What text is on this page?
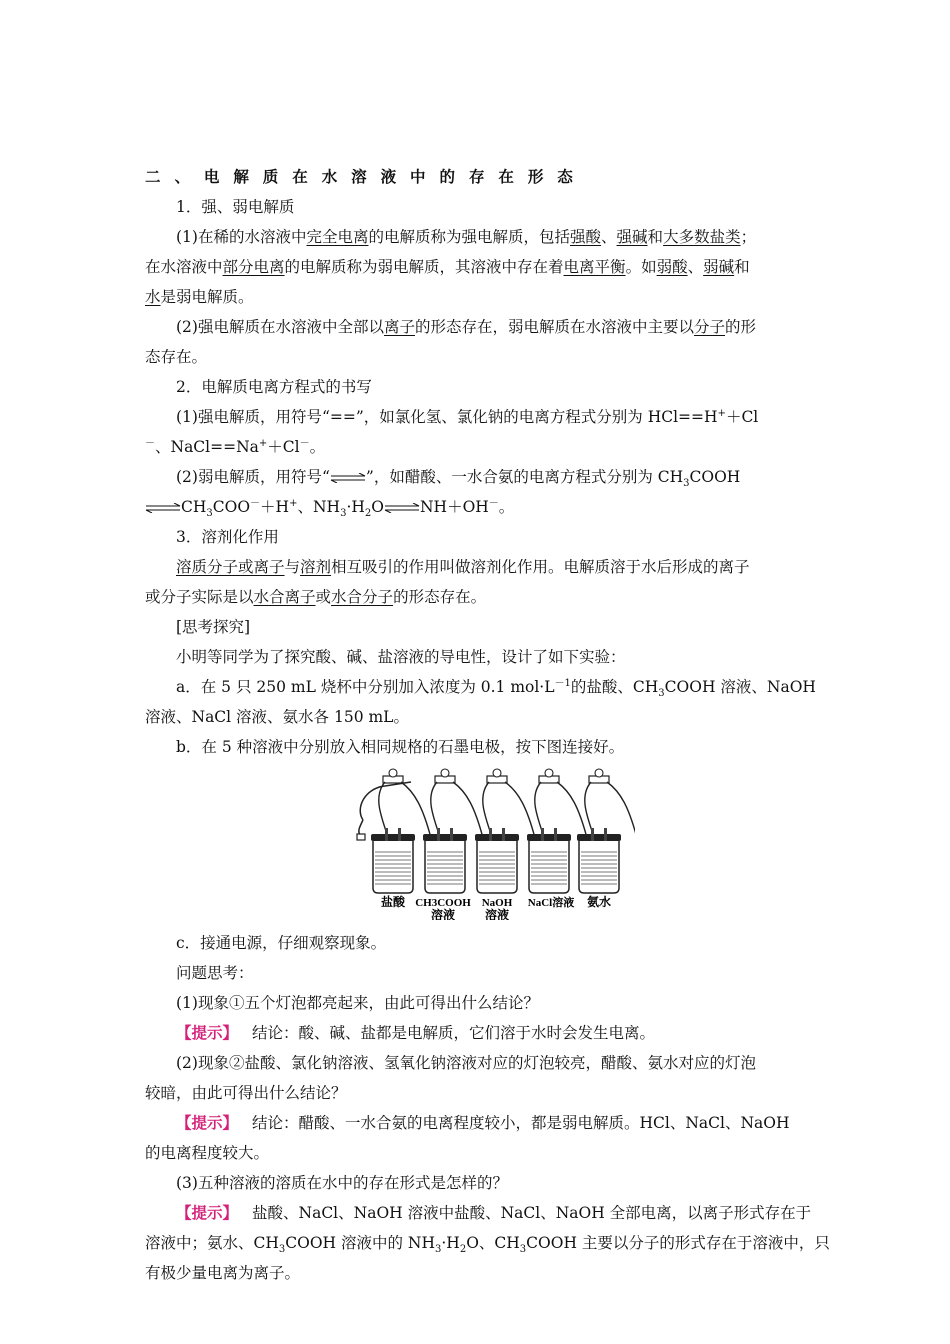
二、电解质在水溶液中的存在形态
1．强、弱电解质
(1)在稀的水溶液中完全电离的电解质称为强电解质，包括强酸、强碱和大多数盐类；
在水溶液中部分电离的电解质称为弱电解质，其溶液中存在着电离平衡。如弱酸、弱碱和
水是弱电解质。
(2)强电解质在水溶液中全部以离子的形态存在，弱电解质在水溶液中主要以分子的形
态存在。
2．电解质电离方程式的书写
(1)强电解质，用符号“==”，如氯化氢、氯化钠的电离方程式分别为 HCl==H+＋Cl
－、NaCl==Na+＋Cl－。
(2)弱电解质，用符号“⇌”，如醋酸、一水合氨的电离方程式分别为 $CH_3COOH$
$\rightleftharpoons CH_3COO^-+H^+$、$NH_3\cdot H_2O\rightleftharpoons NH+OH^-$。
3．溶剂化作用
溶质分子或离子与溶剂相互吸引的作用叫做溶剂化作用。电解质溶于水后形成的离子
或分子实际是以水合离子或水合分子的形态存在。
[思考探究]
小明等同学为了探究酸、碱、盐溶液的导电性，设计了如下实验：
a．在 5 只 250 mL 烧杯中分别加入浓度为 0.1 $mol\cdot L^{-1}$的盐酸、$CH_3COOH$ 溶液、NaOH
溶液、NaCl 溶液、氨水各 150 mL。
b．在 5 种溶液中分别放入相同规格的石墨电极，按下图连接好。
盐酸 CH3COOH
溶液
NaOH
溶液
NaCl溶液 氨水
c．接通电源，仔细观察现象。
问题思考：
(1)现象①五个灯泡都亮起来，由此可得出什么结论？
【提示】 结论：酸、碱、盐都是电解质，它们溶于水时会发生电离。
(2)现象②盐酸、氯化钠溶液、氢氧化钠溶液对应的灯泡较亮，醋酸、氨水对应的灯泡
较暗，由此可得出什么结论？
【提示】 结论：醋酸、一水合氨的电离程度较小，都是弱电解质。HCl、NaCl、NaOH
的电离程度较大。
(3)五种溶液的溶质在水中的存在形式是怎样的？
【提示】 盐酸、NaCl、NaOH 溶液中盐酸、NaCl、NaOH 全部电离，以离子形式存在于
溶液中；氨水、$CH_3COOH$ 溶液中的 $NH_3\cdot H_2O$、$CH_3COOH$ 主要以分子的形式存在于溶液中，只
有极少量电离为离子。
